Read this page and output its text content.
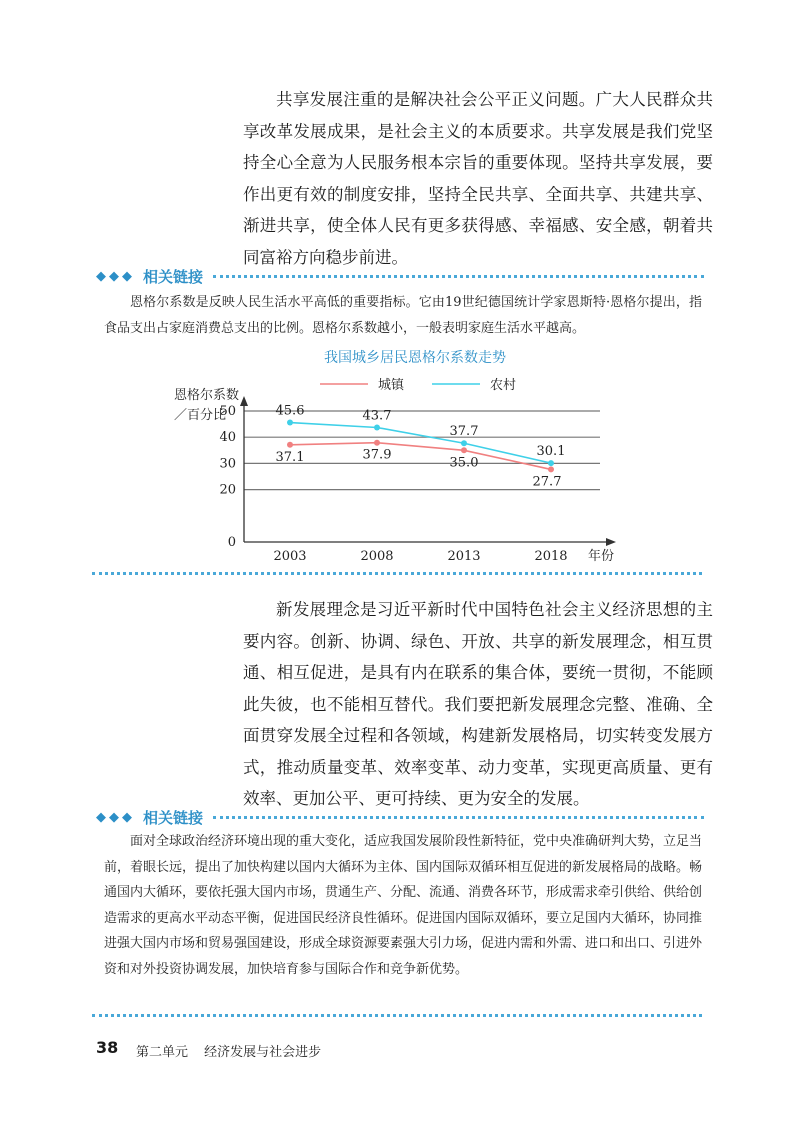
共享发展注重的是解决社会公平正义问题。广大人民群众共享改革发展成果，是社会主义的本质要求。共享发展是我们党坚持全心全意为人民服务根本宗旨的重要体现。坚持共享发展，要作出更有效的制度安排，坚持全民共享、全面共享、共建共享、渐进共享，使全体人民有更多获得感、幸福感、安全感，朝着共同富裕方向稳步前进。

◆◆◆ 相关链接

恩格尔系数是反映人民生活水平高低的重要指标。它由19世纪德国统计学家恩斯特·恩格尔提出，指食品支出占家庭消费总支出的比例。恩格尔系数越小，一般表明家庭生活水平越高。

我国城乡居民恩格尔系数走势
城镇	农村
恩格尔系数
／百分比
年份
0
20
30
40
50
2003	2008	2013	2018
37.1	37.9
35.0
27.7
45.6	43.7
37.7
30.1

新发展理念是习近平新时代中国特色社会主义经济思想的主要内容。创新、协调、绿色、开放、共享的新发展理念，相互贯通、相互促进，是具有内在联系的集合体，要统一贯彻，不能顾此失彼，也不能相互替代。我们要把新发展理念完整、准确、全面贯穿发展全过程和各领域，构建新发展格局，切实转变发展方式，推动质量变革、效率变革、动力变革，实现更高质量、更有效率、更加公平、更可持续、更为安全的发展。

◆◆◆ 相关链接

面对全球政治经济环境出现的重大变化，适应我国发展阶段性新特征，党中央准确研判大势，立足当前，着眼长远，提出了加快构建以国内大循环为主体、国内国际双循环相互促进的新发展格局的战略。畅通国内大循环，要依托强大国内市场，贯通生产、分配、流通、消费各环节，形成需求牵引供给、供给创造需求的更高水平动态平衡，促进国民经济良性循环。促进国内国际双循环，要立足国内大循环，协同推进强大国内市场和贸易强国建设，形成全球资源要素强大引力场，促进内需和外需、进口和出口、引进外资和对外投资协调发展，加快培育参与国际合作和竞争新优势。

38 第二单元 经济发展与社会进步
